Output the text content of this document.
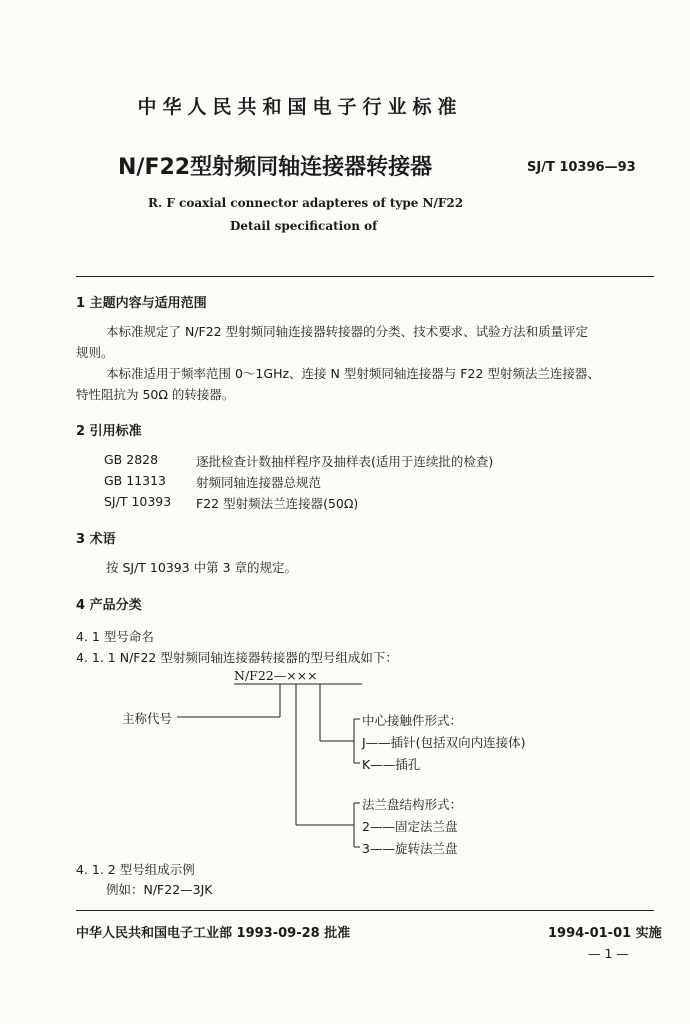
中华人民共和国电子行业标准
N/F22型射频同轴连接器转接器	SJ/T 10396—93
R. F coaxial connector adapteres of type N/F22
Detail specification of
1 主题内容与适用范围
本标准规定了 N/F22 型射频同轴连接器转接器的分类、技术要求、试验方法和质量评定
规则。
本标准适用于频率范围 0～1GHz、连接 N 型射频同轴连接器与 F22 型射频法兰连接器、
特性阻抗为 50Ω 的转接器。
2 引用标准
GB 2828	逐批检查计数抽样程序及抽样表(适用于连续批的检查)
GB 11313 射频同轴连接器总规范
SJ/T 10393 F22 型射频法兰连接器(50Ω)
3 术语
按 SJ/T 10393 中第 3 章的规定。
4 产品分类
4. 1 型号命名
4. 1. 1 N/F22 型射频同轴连接器转接器的型号组成如下：
N/F22—×××
主称代号	中心接触件形式：
J——插针(包括双向内连接体)
K——插孔
法兰盘结构形式：
2——固定法兰盘
3——旋转法兰盘
4. 1. 2 型号组成示例
例如：N/F22—3JK
中华人民共和国电子工业部 1993-09-28 批准	1994-01-01 实施
— 1 —
